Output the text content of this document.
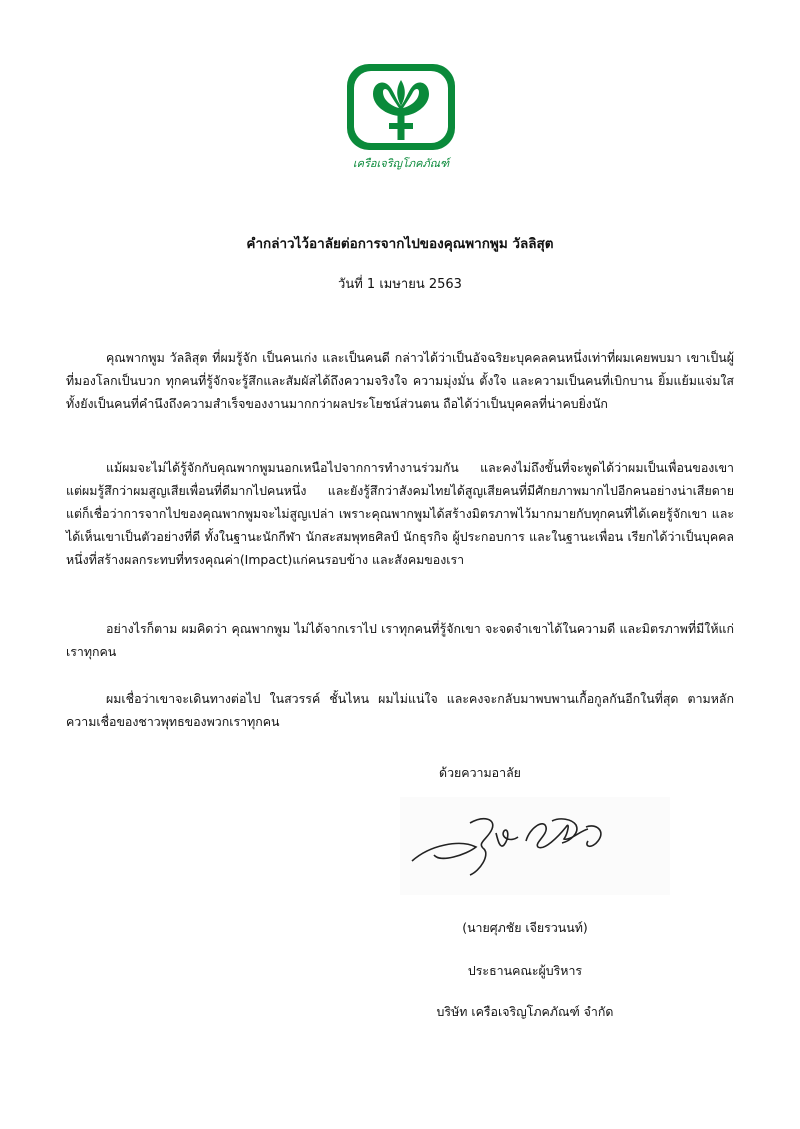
เครือเจริญโภคภัณฑ์
คำกล่าวไว้อาลัยต่อการจากไปของคุณพากพูม วัลลิสุต
วันที่ 1 เมษายน 2563

คุณพากพูม วัลลิสุต ที่ผมรู้จัก เป็นคนเก่ง และเป็นคนดี กล่าวได้ว่าเป็นอัจฉริยะบุคคลคนหนึ่งเท่าที่ผมเคยพบมา เขาเป็นผู้ที่มองโลกเป็นบวก ทุกคนที่รู้จักจะรู้สึกและสัมผัสได้ถึงความจริงใจ ความมุ่งมั่น ตั้งใจ และความเป็นคนที่เบิกบาน ยิ้มแย้มแจ่มใส ทั้งยังเป็นคนที่คำนึงถึงความสำเร็จของงานมากกว่าผลประโยชน์ส่วนตน ถือได้ว่าเป็นบุคคลที่น่าคบยิ่งนัก

แม้ผมจะไม่ได้รู้จักกับคุณพากพูมนอกเหนือไปจากการทำงานร่วมกัน และคงไม่ถึงขั้นที่จะพูดได้ว่าผมเป็นเพื่อนของเขา แต่ผมรู้สึกว่าผมสูญเสียเพื่อนที่ดีมากไปคนหนึ่ง และยังรู้สึกว่าสังคมไทยได้สูญเสียคนที่มีศักยภาพมากไปอีกคนอย่างน่าเสียดาย แต่ก็เชื่อว่าการจากไปของคุณพากพูมจะไม่สูญเปล่า เพราะคุณพากพูมได้สร้างมิตรภาพไว้มากมายกับทุกคนที่ได้เคยรู้จักเขา และได้เห็นเขาเป็นตัวอย่างที่ดี ทั้งในฐานะนักกีฬา นักสะสมพุทธศิลป์ นักธุรกิจ ผู้ประกอบการ และในฐานะเพื่อน เรียกได้ว่าเป็นบุคคลหนึ่งที่สร้างผลกระทบที่ทรงคุณค่า(Impact)แก่คนรอบข้าง และสังคมของเรา

อย่างไรก็ตาม ผมคิดว่า คุณพากพูม ไม่ได้จากเราไป เราทุกคนที่รู้จักเขา จะจดจำเขาได้ในความดี และมิตรภาพที่มีให้แก่เราทุกคน

ผมเชื่อว่าเขาจะเดินทางต่อไป ในสวรรค์ ชั้นไหน ผมไม่แน่ใจ และคงจะกลับมาพบพานเกื้อกูลกันอีกในที่สุด ตามหลักความเชื่อของชาวพุทธของพวกเราทุกคน

ด้วยความอาลัย
(นายศุภชัย เจียรวนนท์)
ประธานคณะผู้บริหาร
บริษัท เครือเจริญโภคภัณฑ์ จำกัด
